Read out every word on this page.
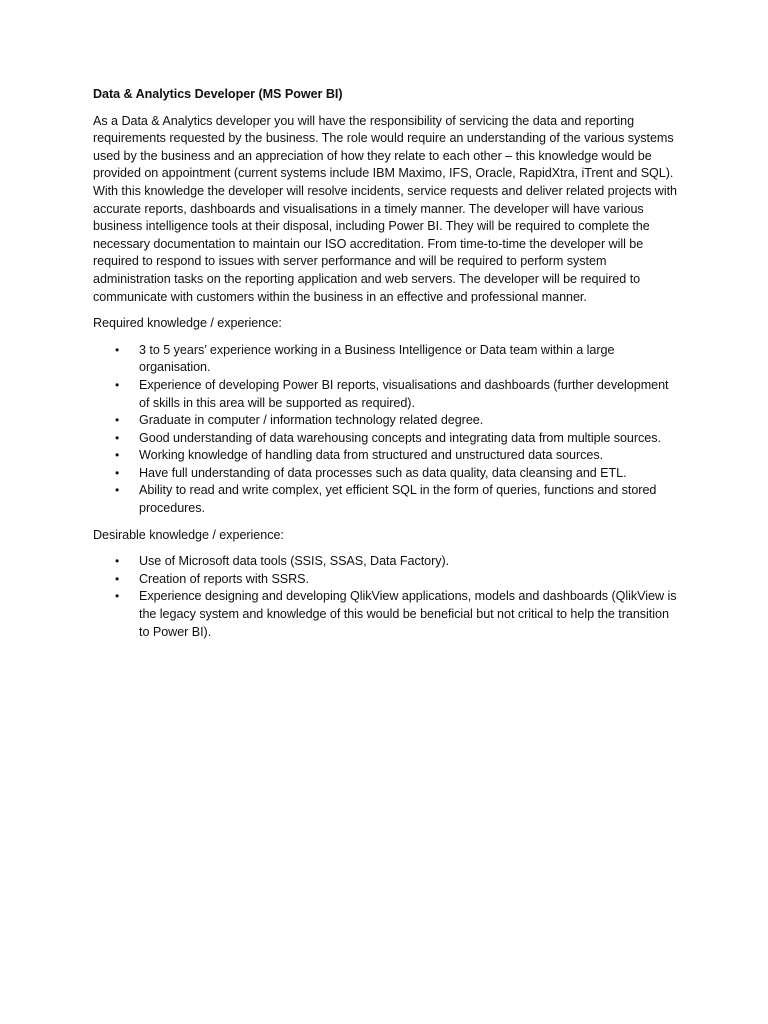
Data & Analytics Developer (MS Power BI)
As a Data & Analytics developer you will have the responsibility of servicing the data and reporting requirements requested by the business. The role would require an understanding of the various systems used by the business and an appreciation of how they relate to each other – this knowledge would be provided on appointment (current systems include IBM Maximo, IFS, Oracle, RapidXtra, iTrent and SQL). With this knowledge the developer will resolve incidents, service requests and deliver related projects with accurate reports, dashboards and visualisations in a timely manner. The developer will have various business intelligence tools at their disposal, including Power BI. They will be required to complete the necessary documentation to maintain our ISO accreditation. From time-to-time the developer will be required to respond to issues with server performance and will be required to perform system administration tasks on the reporting application and web servers. The developer will be required to communicate with customers within the business in an effective and professional manner.
Required knowledge / experience:
• 3 to 5 years’ experience working in a Business Intelligence or Data team within a large organisation.
• Experience of developing Power BI reports, visualisations and dashboards (further development of skills in this area will be supported as required).
• Graduate in computer / information technology related degree.
• Good understanding of data warehousing concepts and integrating data from multiple sources.
• Working knowledge of handling data from structured and unstructured data sources.
• Have full understanding of data processes such as data quality, data cleansing and ETL.
• Ability to read and write complex, yet efficient SQL in the form of queries, functions and stored procedures.
Desirable knowledge / experience:
• Use of Microsoft data tools (SSIS, SSAS, Data Factory).
• Creation of reports with SSRS.
• Experience designing and developing QlikView applications, models and dashboards (QlikView is the legacy system and knowledge of this would be beneficial but not critical to help the transition to Power BI).
